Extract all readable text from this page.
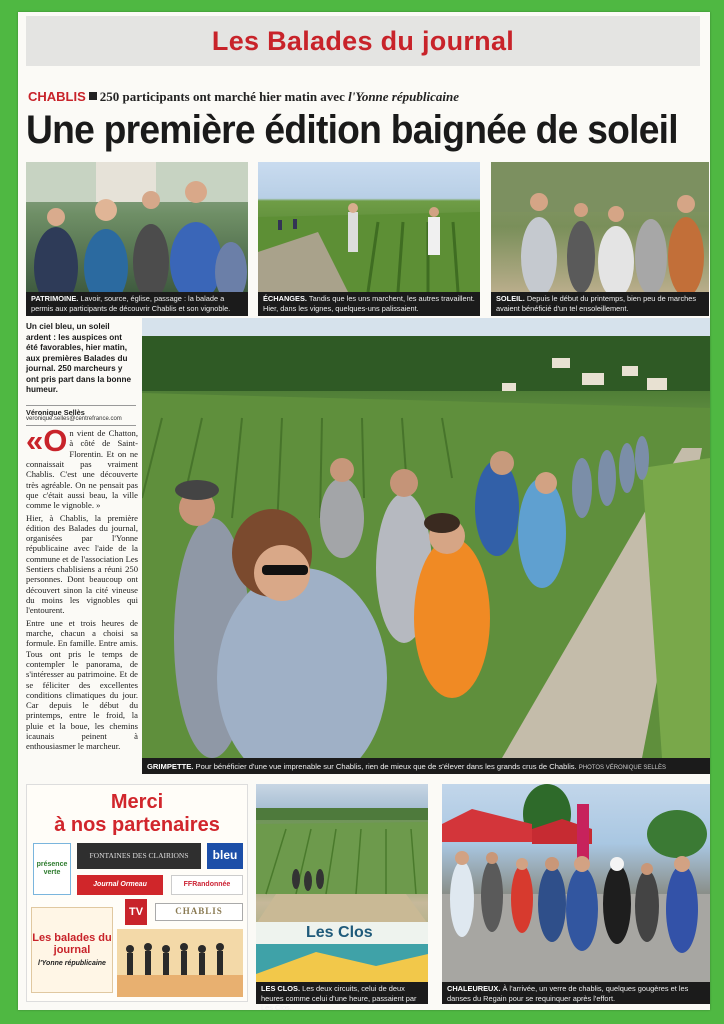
Les Balades du journal
CHABLIS 250 participants ont marché hier matin avec l'Yonne républicaine
Une première édition baignée de soleil
PATRIMOINE. Lavoir, source, église, passage : la balade a permis aux participants de découvrir Chablis et son vignoble.
ÉCHANGES. Tandis que les uns marchent, les autres travaillent. Hier, dans les vignes, quelques-uns palissaient.
SOLEIL. Depuis le début du printemps, bien peu de marches avaient bénéficié d'un tel ensoleillement.
Un ciel bleu, un soleil ardent : les auspices ont été favorables, hier matin, aux premières Balades du journal. 250 marcheurs y ont pris part dans la bonne humeur.
Véronique Sellès
veronique.selles@centrefrance.com

«On vient de Chatton, à côté de Saint-Florentin. Et on ne connaissait pas vraiment Chablis. C'est une découverte très agréable. On ne pensait pas que c'était aussi beau, la ville comme le vignoble. »

Hier, à Chablis, la première édition des Balades du journal, organisées par l'Yonne républicaine avec l'aide de la commune et de l'association Les Sentiers chablisiens a réuni 250 personnes. Dont beaucoup ont découvert sinon la cité vineuse du moins les vignobles qui l'entourent.

Entre une et trois heures de marche, chacun a choisi sa formule. En famille. Entre amis. Tous ont pris le temps de contempler le panorama, de s'intéresser au patrimoine. Et de se féliciter des excellentes conditions climatiques du jour. Car depuis le début du printemps, entre le froid, la pluie et la boue, les chemins icaunais peinent à enthousiasmer le marcheur.

GRIMPETTE. Pour bénéficier d'une vue imprenable sur Chablis, rien de mieux que de s'élever dans les grands crus de Chablis. PHOTOS VÉRONIQUE SELLÈS
Merci
à nos partenaires
présence verte
FONTAINES DES CLAIRIONS	bleu
Journal Ormeau	FFRandonnée
TV	CHABLIS
Les balades du journal
l'Yonne républicaine
Les Clos
LES CLOS. Les deux circuits, celui de deux heures comme celui d'une heure, passaient par Les Clos.
CHALEUREUX. À l'arrivée, un verre de chablis, quelques gougères et les danses du Regain pour se requinquer après l'effort.
